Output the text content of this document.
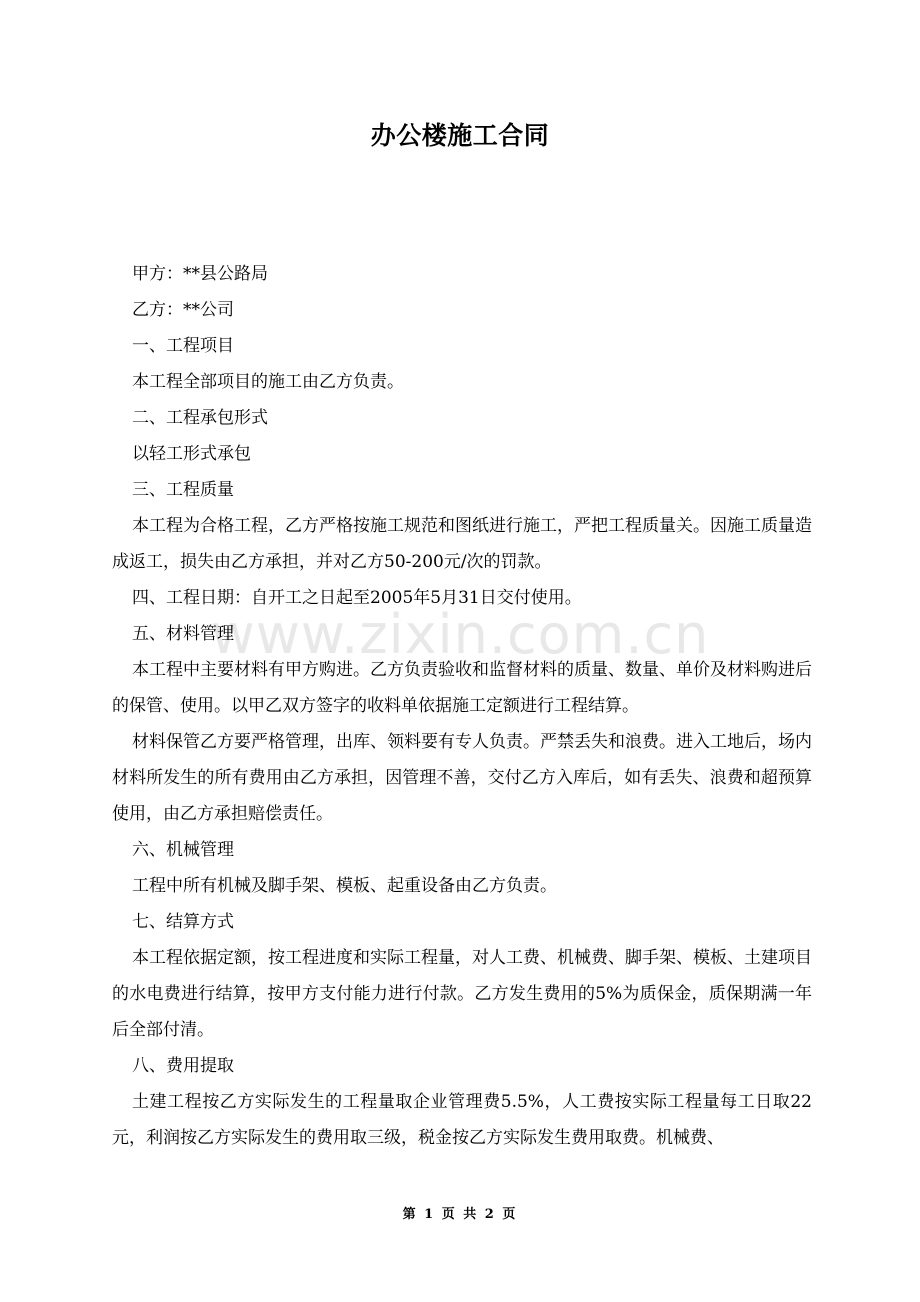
办公楼施工合同
www.zixin.com.cn

甲方：**县公路局

乙方：**公司

一、工程项目

本工程全部项目的施工由乙方负责。

二、工程承包形式

以轻工形式承包

三、工程质量

本工程为合格工程，乙方严格按施工规范和图纸进行施工，严把工程质量关。因施工质量造成返工，损失由乙方承担，并对乙方50-200元/次的罚款。

四、工程日期：自开工之日起至2005年5月31日交付使用。

五、材料管理

本工程中主要材料有甲方购进。乙方负责验收和监督材料的质量、数量、单价及材料购进后的保管、使用。以甲乙双方签字的收料单依据施工定额进行工程结算。

材料保管乙方要严格管理，出库、领料要有专人负责。严禁丢失和浪费。进入工地后，场内材料所发生的所有费用由乙方承担，因管理不善，交付乙方入库后，如有丢失、浪费和超预算使用，由乙方承担赔偿责任。

六、机械管理

工程中所有机械及脚手架、模板、起重设备由乙方负责。

七、结算方式

本工程依据定额，按工程进度和实际工程量，对人工费、机械费、脚手架、模板、土建项目的水电费进行结算，按甲方支付能力进行付款。乙方发生费用的5%为质保金，质保期满一年后全部付清。

八、费用提取

土建工程按乙方实际发生的工程量取企业管理费5.5%，人工费按实际工程量每工日取22元，利润按乙方实际发生的费用取三级，税金按乙方实际发生费用取费。机械费、

第 1 页 共 2 页
